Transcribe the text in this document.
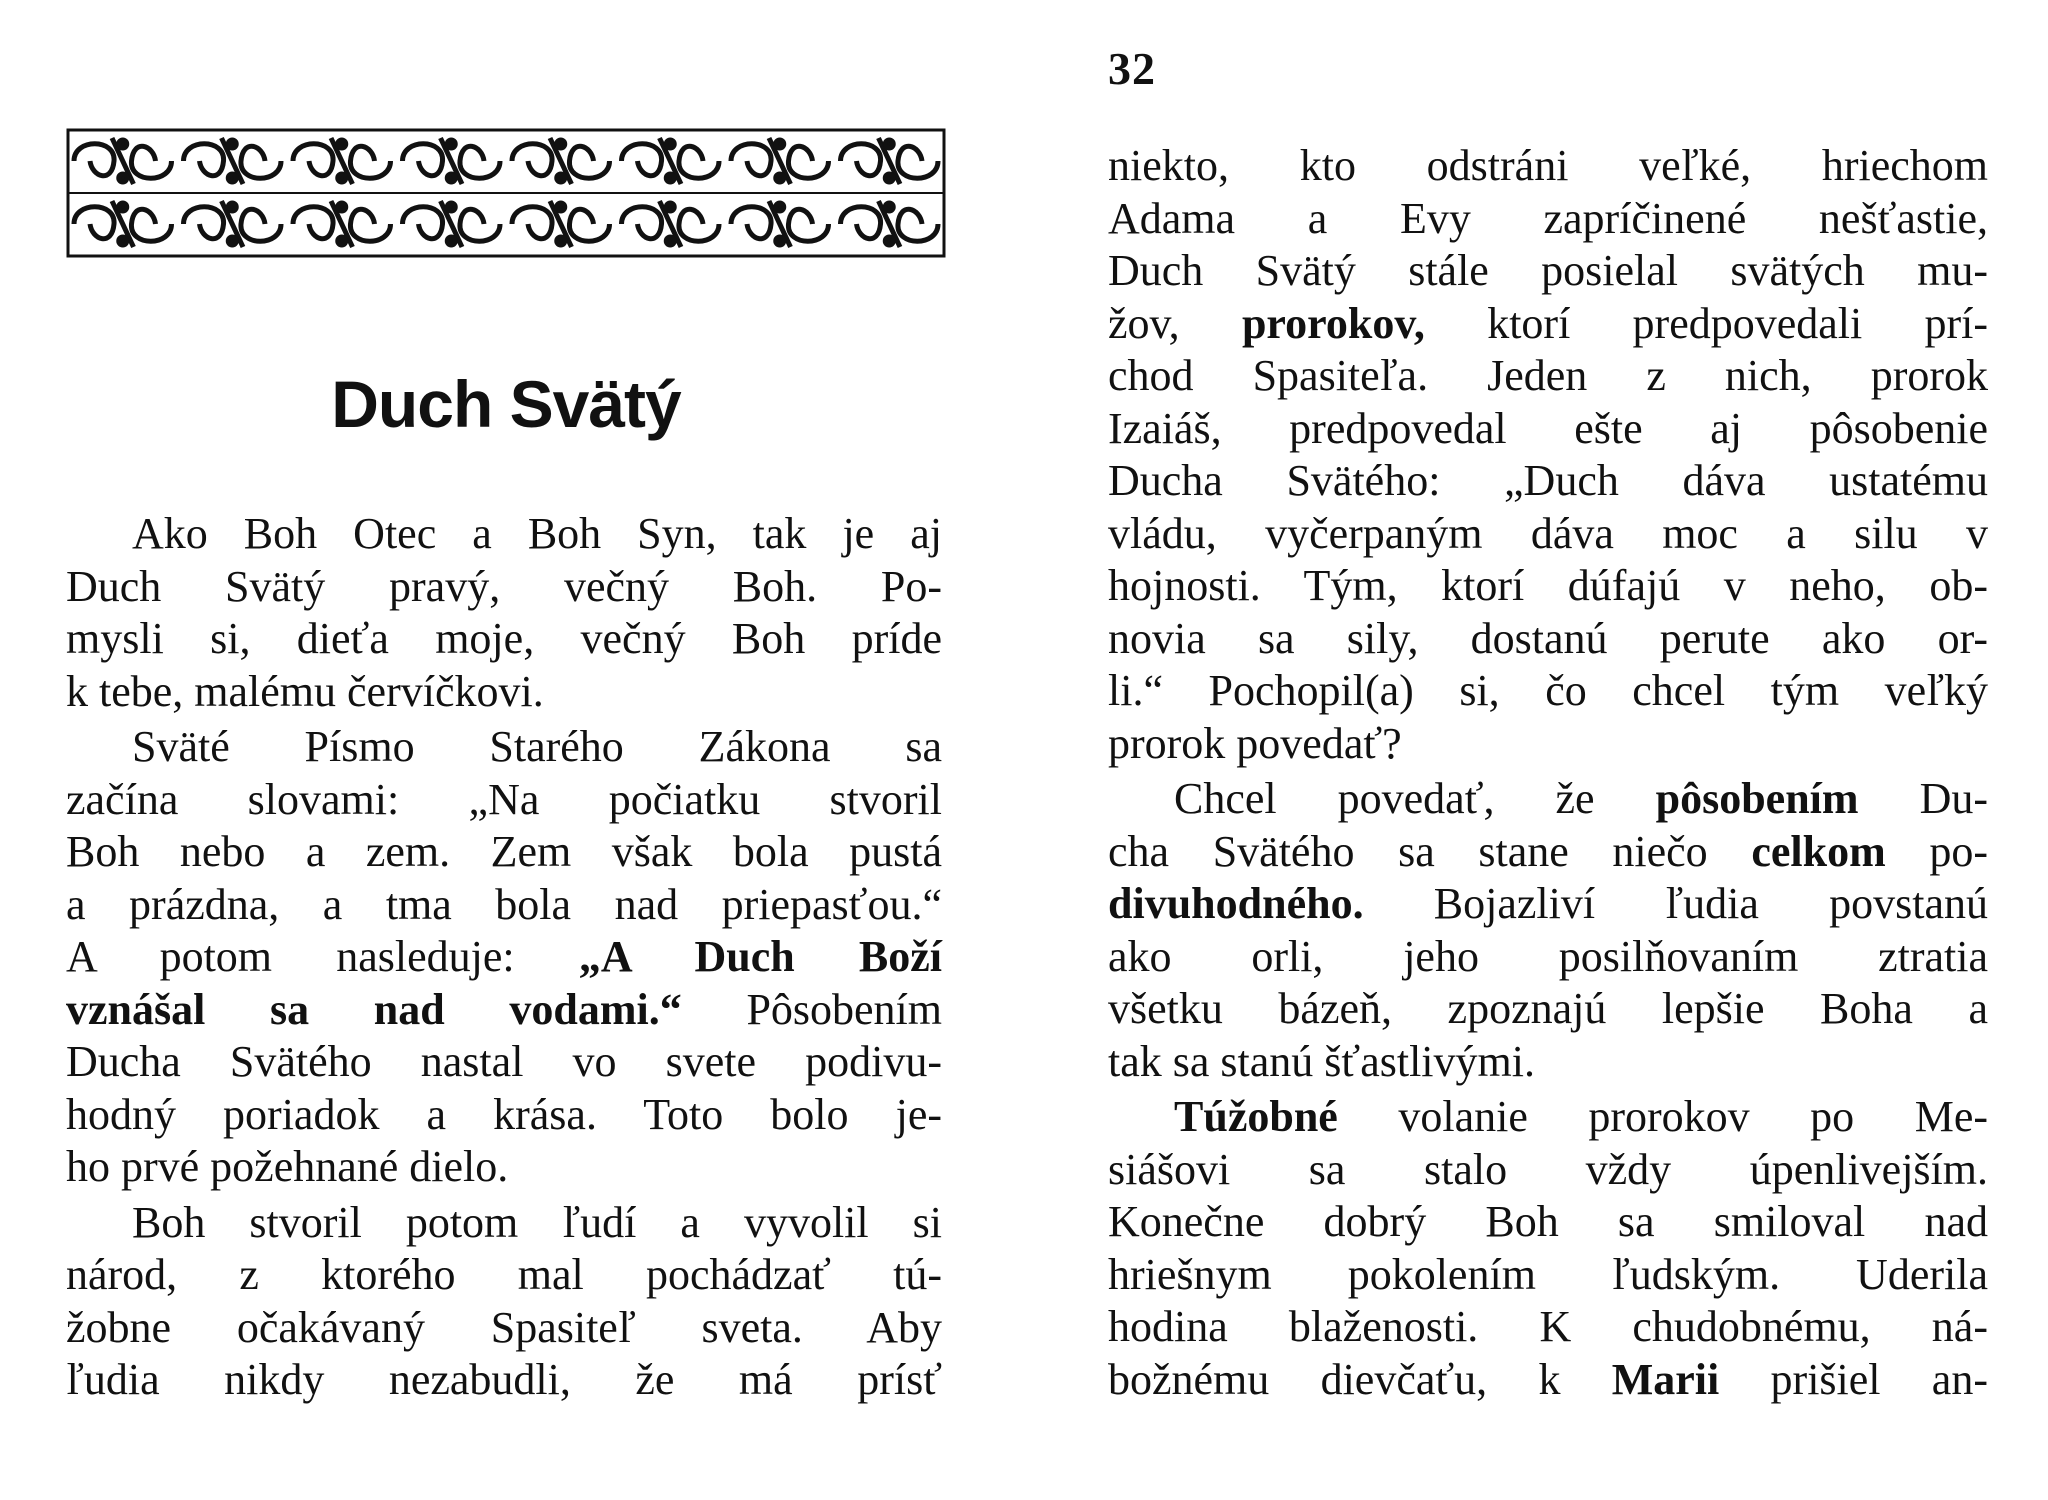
Duch Svätý
Ako Boh Otec a Boh Syn, tak je aj
Duch Svätý pravý, večný Boh. Po-
mysli si, dieťa moje, večný Boh príde
k tebe, malému červíčkovi.
Sväté Písmo Starého Zákona sa
začína slovami: „Na počiatku stvoril
Boh nebo a zem. Zem však bola pustá
a prázdna, a tma bola nad priepasťou.“
A potom nasleduje: „A Duch Boží
vznášal sa nad vodami.“ Pôsobením
Ducha Svätého nastal vo svete podivu-
hodný poriadok a krása. Toto bolo je-
ho prvé požehnané dielo.
Boh stvoril potom ľudí a vyvolil si
národ, z ktorého mal pochádzať tú-
žobne očakávaný Spasiteľ sveta. Aby
ľudia nikdy nezabudli, že má prísť
32
niekto, kto odstráni veľké, hriechom
Adama a Evy zapríčinené nešťastie,
Duch Svätý stále posielal svätých mu-
žov, prorokov, ktorí predpovedali prí-
chod Spasiteľa. Jeden z nich, prorok
Izaiáš, predpovedal ešte aj pôsobenie
Ducha Svätého: „Duch dáva ustatému
vládu, vyčerpaným dáva moc a silu v
hojnosti. Tým, ktorí dúfajú v neho, ob-
novia sa sily, dostanú perute ako or-
li.“ Pochopil(a) si, čo chcel tým veľký
prorok povedať?
Chcel povedať, že pôsobením Du-
cha Svätého sa stane niečo celkom po-
divuhodného. Bojazliví ľudia povstanú
ako orli, jeho posilňovaním ztratia
všetku bázeň, zpoznajú lepšie Boha a
tak sa stanú šťastlivými.
Túžobné volanie prorokov po Me-
siášovi sa stalo vždy úpenlivejším.
Konečne dobrý Boh sa smiloval nad
hriešnym pokolením ľudským. Uderila
hodina blaženosti. K chudobnému, ná-
božnému dievčaťu, k Marii prišiel an-
